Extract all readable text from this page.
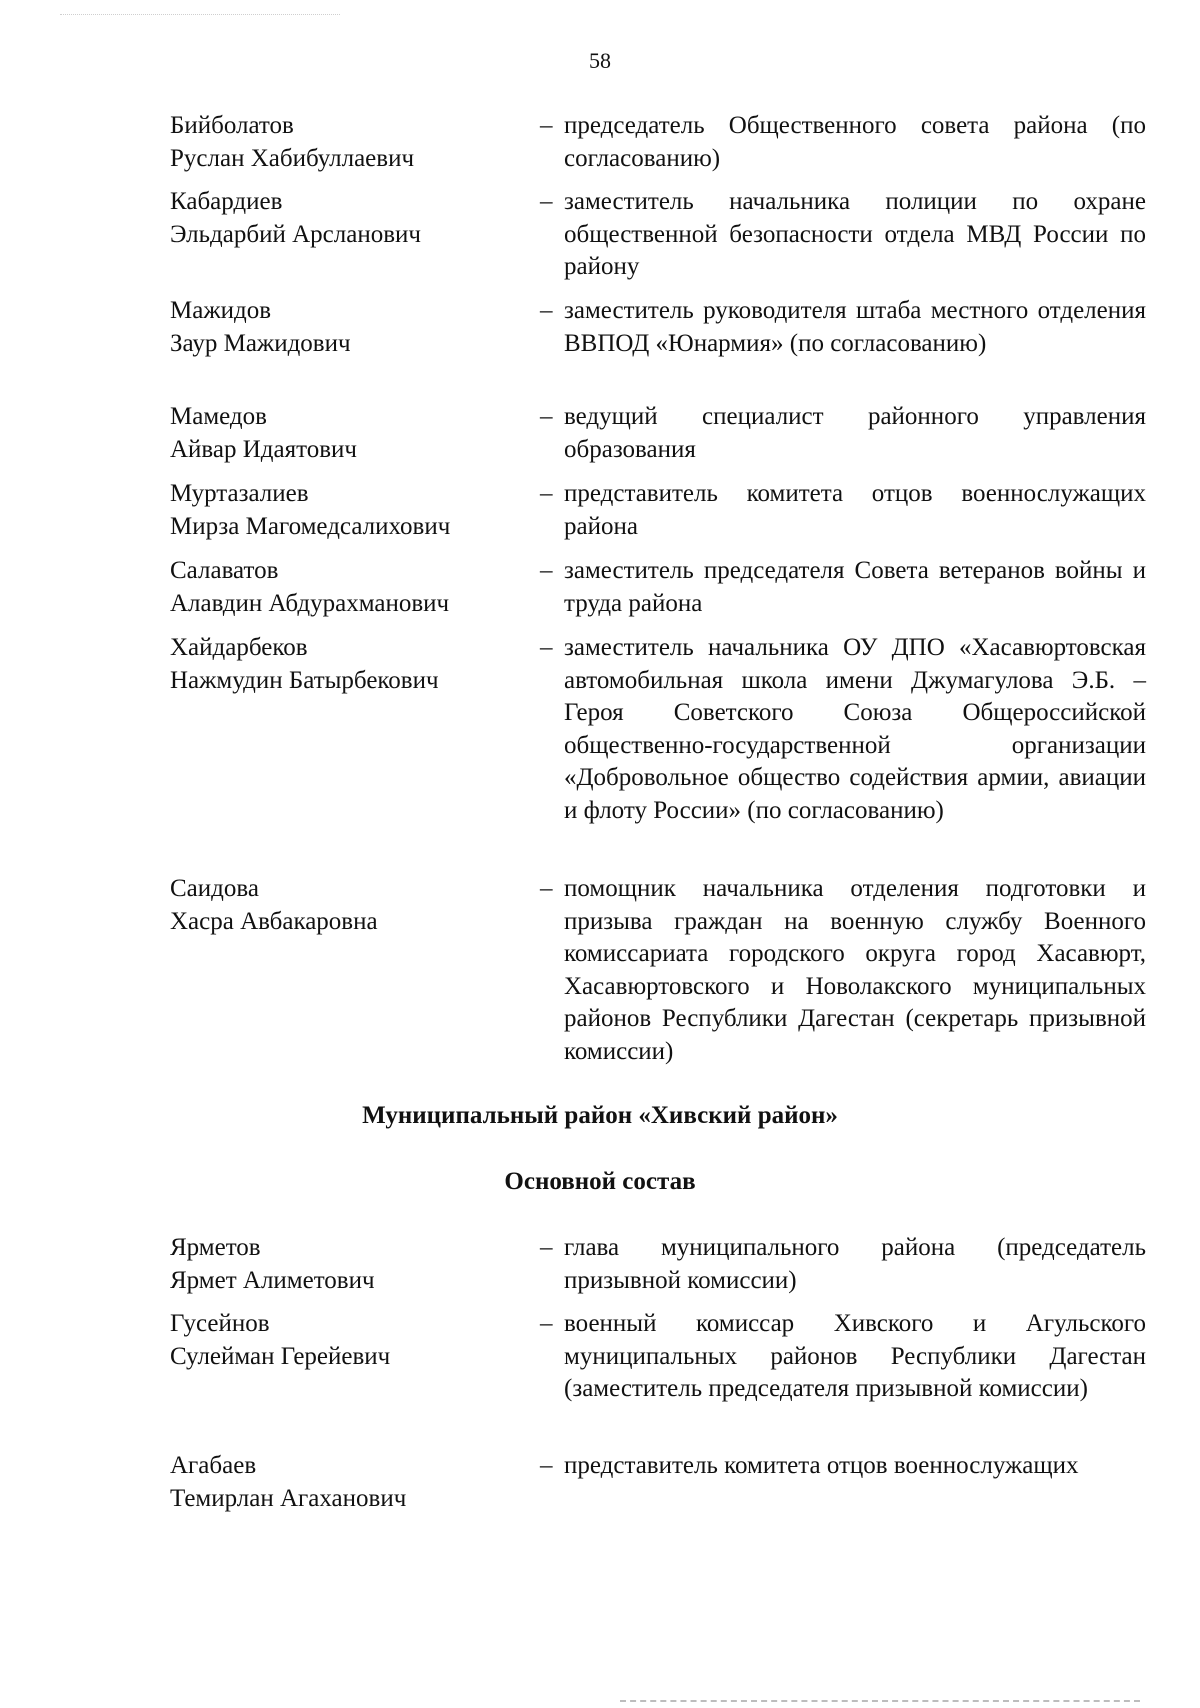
58
Бийболатов
Руслан Хабибуллаевич
– председатель Общественного совета района (по согласованию)
Кабардиев
Эльдарбий Арсланович
– заместитель начальника полиции по охране общественной безопасности отдела МВД России по району
Мажидов
Заур Мажидович
– заместитель руководителя штаба местного отделения ВВПОД «Юнармия» (по согласованию)
Мамедов
Айвар Идаятович
– ведущий специалист районного управления образования
Муртазалиев
Мирза Магомедсалихович
– представитель комитета отцов военнослужащих района
Салаватов
Алавдин Абдурахманович
– заместитель председателя Совета ветеранов войны и труда района
Хайдарбеков
Нажмудин Батырбекович
– заместитель начальника ОУ ДПО «Хасавюртовская автомобильная школа имени Джумагулова Э.Б. – Героя Советского Союза Общероссийской общественно-государственной организации «Добровольное общество содействия армии, авиации и флоту России» (по согласованию)
Саидова
Хасра Авбакаровна
– помощник начальника отделения подготовки и призыва граждан на военную службу Военного комиссариата городского округа город Хасавюрт, Хасавюртовского и Новолакского муниципальных районов Республики Дагестан (секретарь призывной комиссии)
Муниципальный район «Хивский район»
Основной состав
Ярметов
Ярмет Алиметович
– глава муниципального района (председатель призывной комиссии)
Гусейнов
Сулейман Герейевич
– военный комиссар Хивского и Агульского муниципальных районов Республики Дагестан (заместитель председателя призывной комиссии)
Агабаев
Темирлан Агаханович
– представитель комитета отцов военнослужащих
